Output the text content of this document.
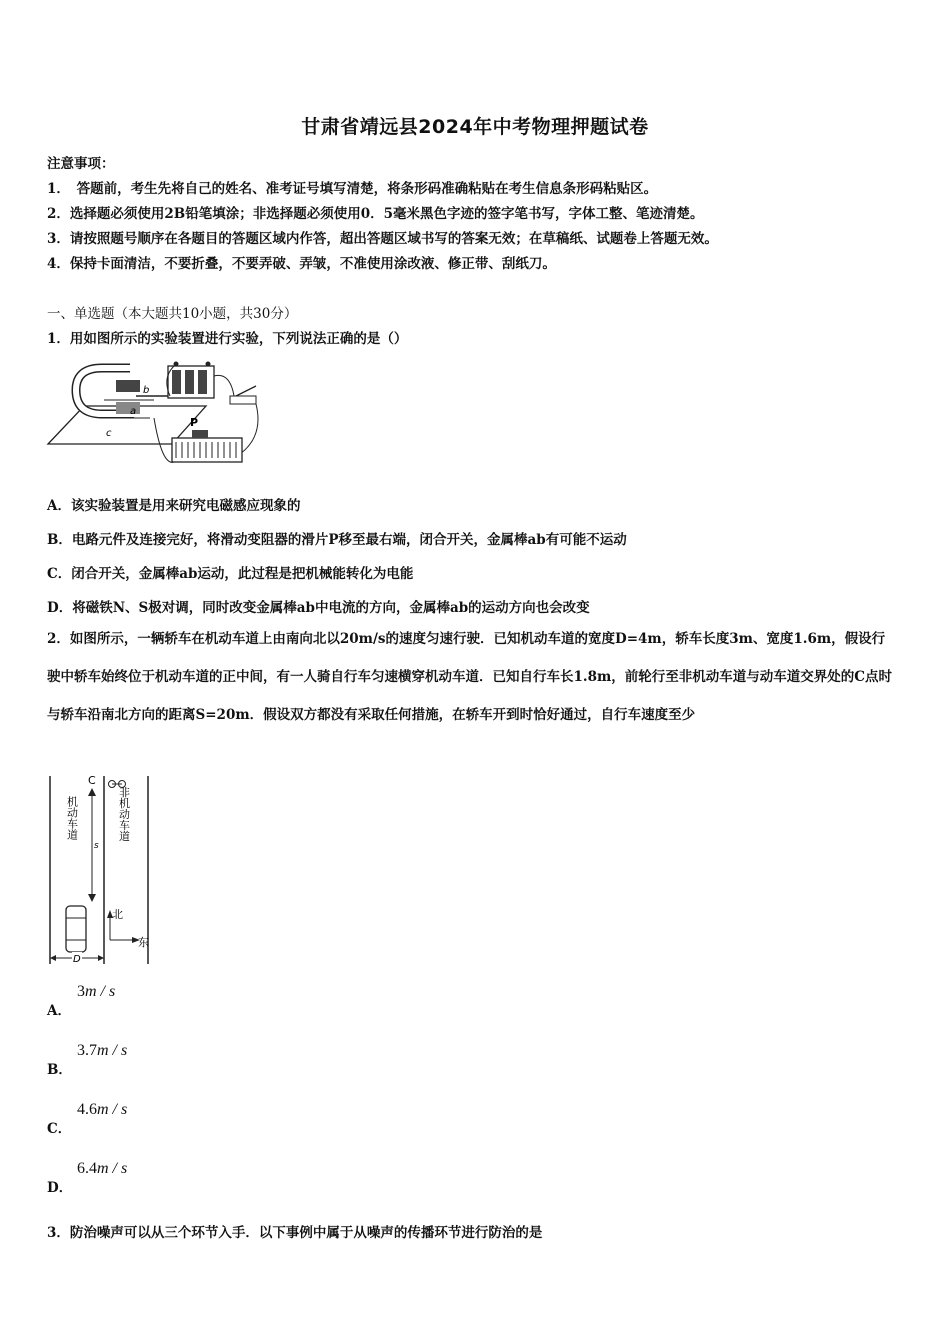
甘肃省靖远县2024年中考物理押题试卷
注意事项：
1．　答题前，考生先将自己的姓名、准考证号填写清楚，将条形码准确粘贴在考生信息条形码粘贴区。
2．选择题必须使用2B铅笔填涂；非选择题必须使用0．5毫米黑色字迹的签字笔书写，字体工整、笔迹清楚。
3．请按照题号顺序在各题目的答题区域内作答，超出答题区域书写的答案无效；在草稿纸、试题卷上答题无效。
4．保持卡面清洁，不要折叠，不要弄破、弄皱，不准使用涂改液、修正带、刮纸刀。
一、单选题（本大题共10小题，共30分）
1．用如图所示的实验装置进行实验，下列说法正确的是（）
b
a
c
P
A．该实验装置是用来研究电磁感应现象的
B．电路元件及连接完好，将滑动变阻器的滑片P移至最右端，闭合开关，金属棒ab有可能不运动
C．闭合开关，金属棒ab运动，此过程是把机械能转化为电能
D．将磁铁N、S极对调，同时改变金属棒ab中电流的方向，金属棒ab的运动方向也会改变
2．如图所示，一辆轿车在机动车道上由南向北以20m/s的速度匀速行驶．已知机动车道的宽度D=4m，轿车长度3m、宽度1.6m，假设行驶中轿车始终位于机动车道的正中间，有一人骑自行车匀速横穿机动车道．已知自行车长1.8m，前轮行至非机动车道与动车道交界处的C点时与轿车沿南北方向的距离S=20m．假设双方都没有采取任何措施，在轿车开到时恰好通过，自行车速度至少
C
s
机动车道	非机动车道
北
东
D
A．
3m / s
B．
3.7m / s
C．
4.6m / s
D．
6.4m / s
3．防治噪声可以从三个环节入手．以下事例中属于从噪声的传播环节进行防治的是
